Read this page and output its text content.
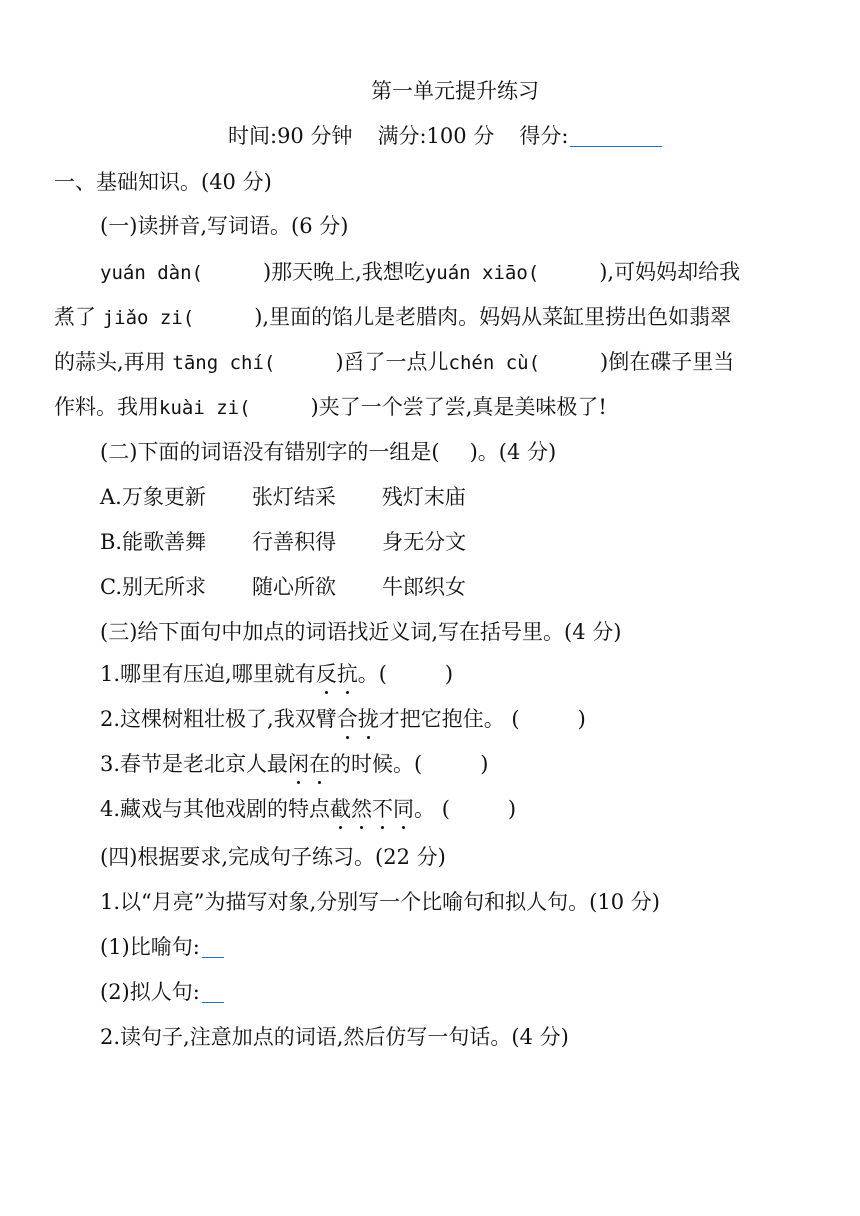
第一单元提升练习
时间:90 分钟 满分:100 分 得分:
一、基础知识。(40 分)
(一)读拼音,写词语。(6 分)
yuán dàn(	)那天晚上,我想吃yuán xiāo(	),可妈妈却给我
煮了 jiǎo zi(	),里面的馅儿是老腊肉。妈妈从菜缸里捞出色如翡翠
的蒜头,再用 tāng chí(	)舀了一点儿chén cù(	)倒在碟子里当
作料。我用kuài zi(	)夹了一个尝了尝,真是美味极了!
(二)下面的词语没有错别字的一组是( )。(4 分)
A.万象更新 张灯结采 残灯末庙
B.能歌善舞 行善积得 身无分文
C.别无所求 随心所欲 牛郎织女
(三)给下面句中加点的词语找近义词,写在括号里。(4 分)
1.哪里有压迫,哪里就有反抗。(	)
2.这棵树粗壮极了,我双臂合拢才把它抱住。 (	)
3.春节是老北京人最闲在的时候。(	)
4.藏戏与其他戏剧的特点截然不同。 (	)
(四)根据要求,完成句子练习。(22 分)
1.以“月亮”为描写对象,分别写一个比喻句和拟人句。(10 分)
(1)比喻句:
(2)拟人句:
2.读句子,注意加点的词语,然后仿写一句话。(4 分)
